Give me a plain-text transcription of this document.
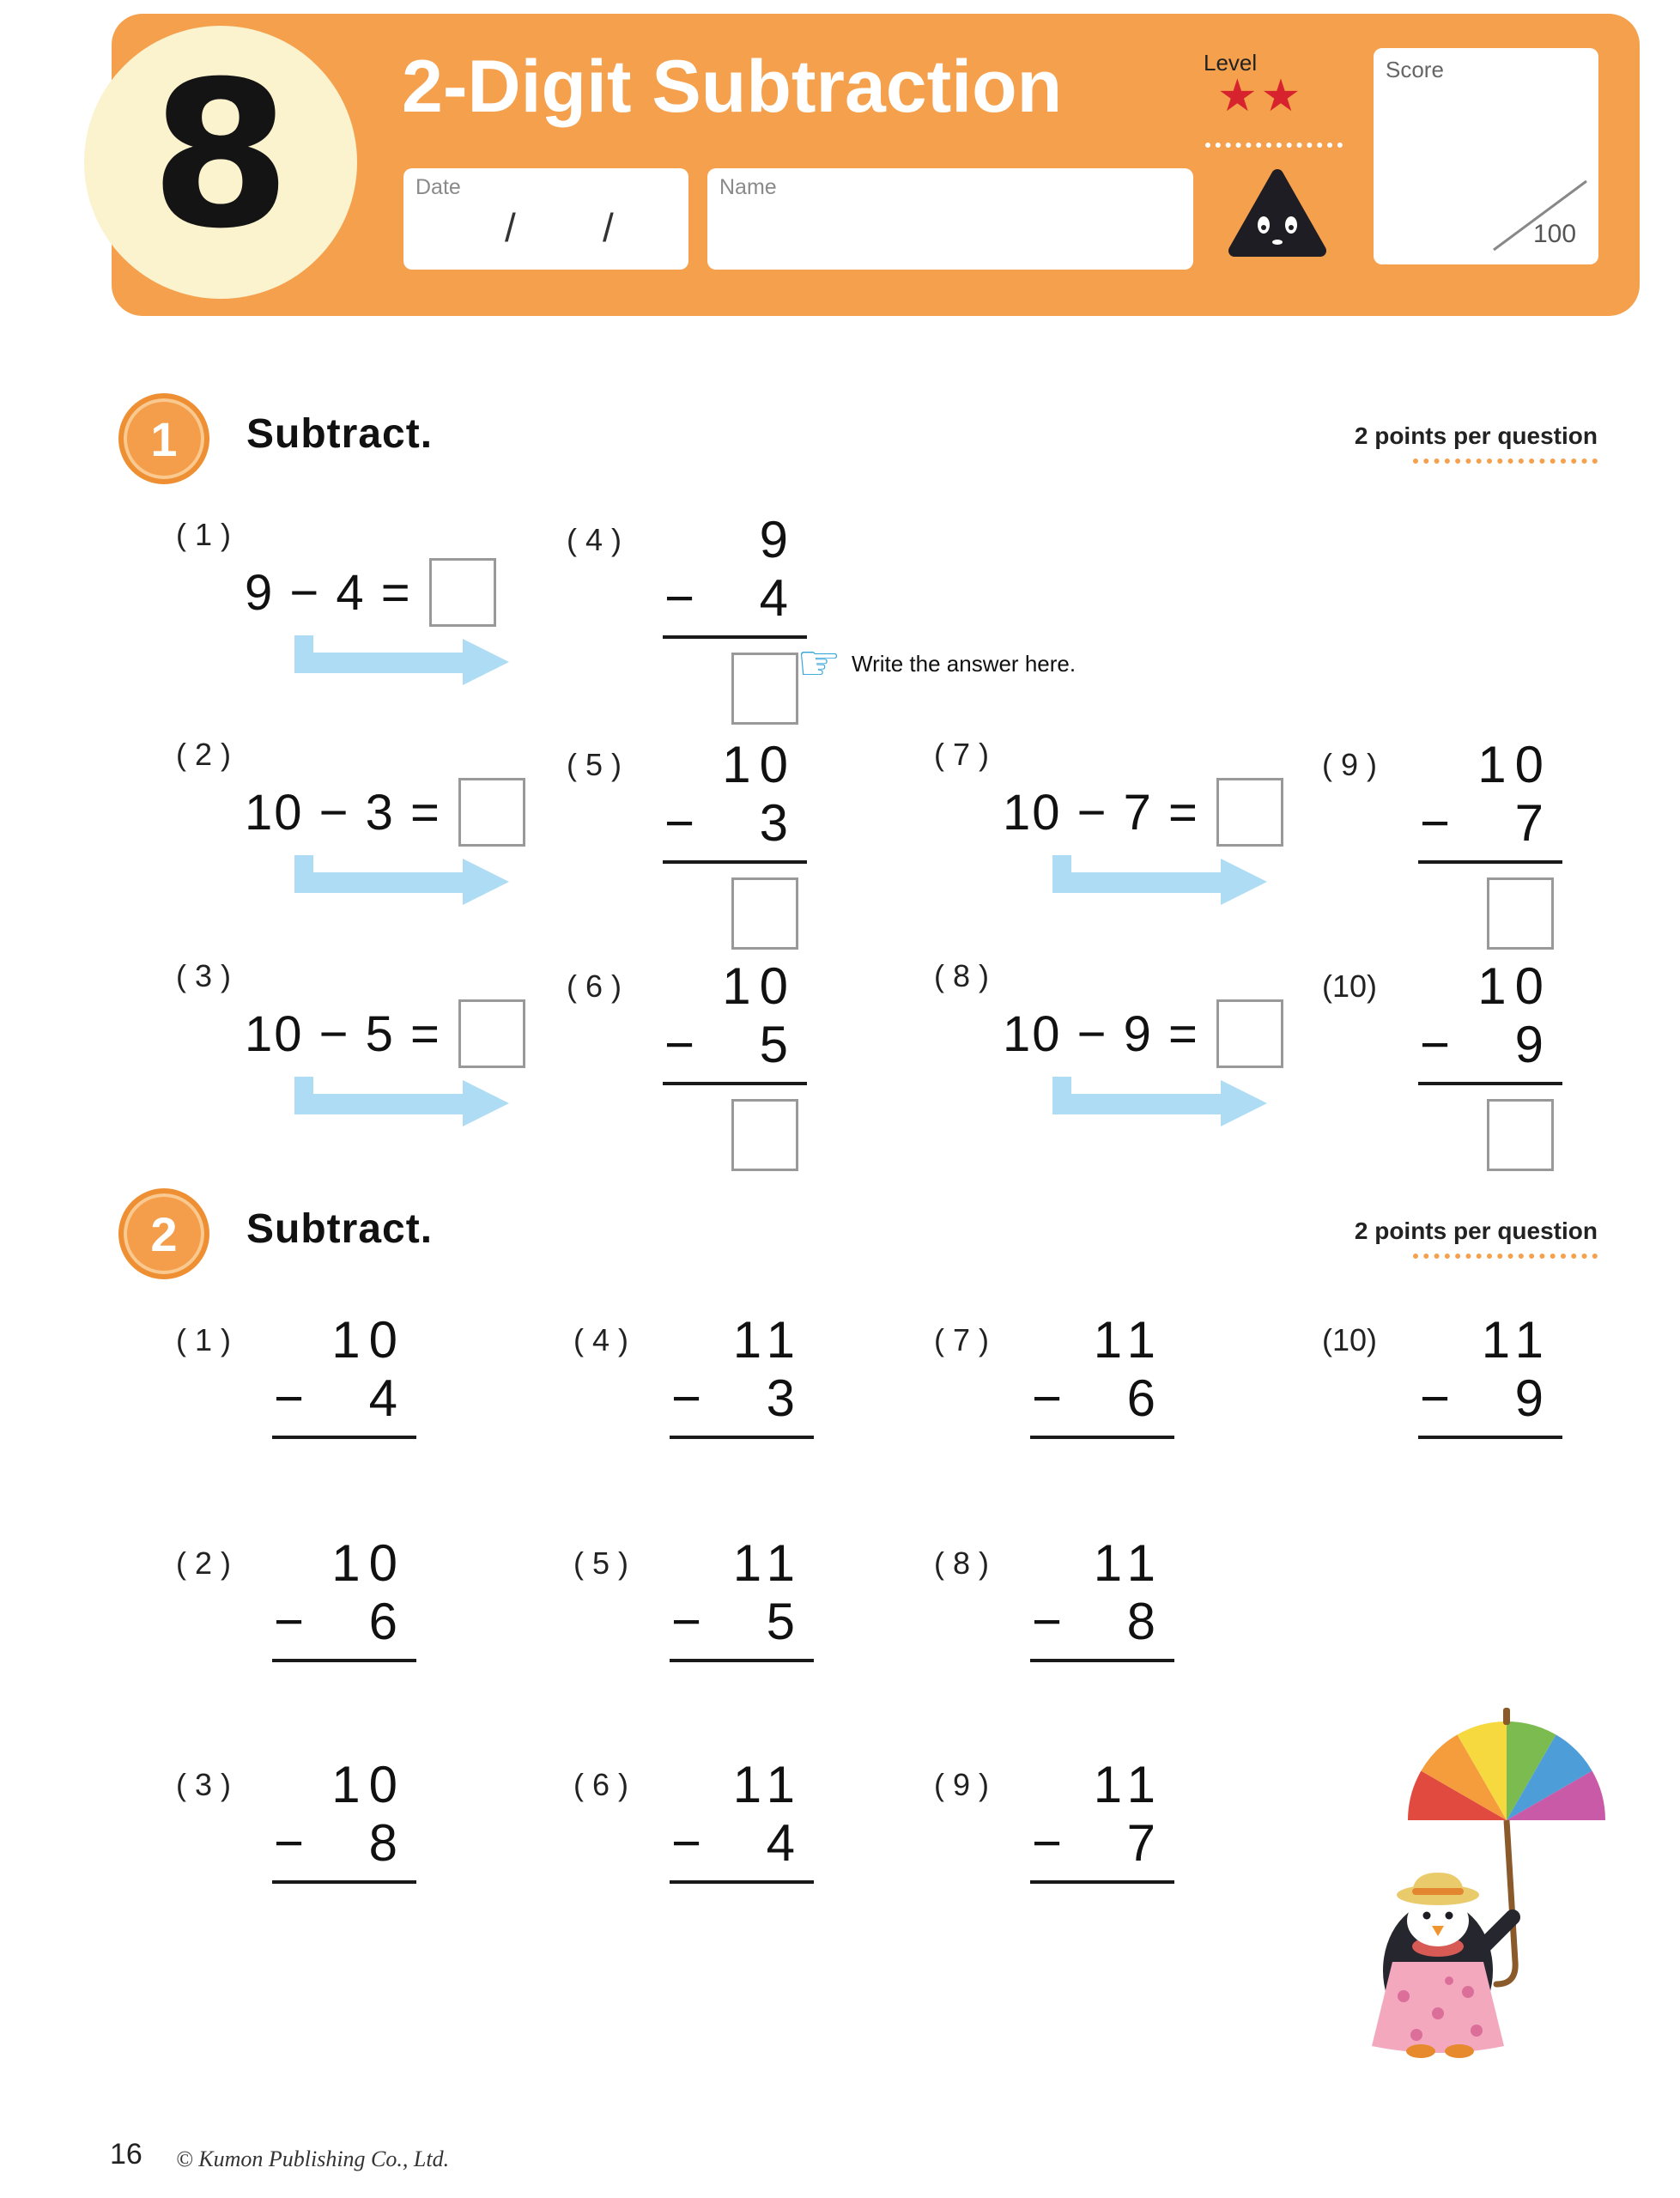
8 2-Digit Subtraction
Date
/ /
Name
Level
★★
Score
100
1 Subtract.	2 points per question
( 1 )
9 − 4 =
( 4 )	9
− 4
☞ Write the answer here.
( 2 )
10 − 3 =
( 5 )	10
− 3
( 7 )
10 − 7 =
( 9 )	10
− 7
( 3 )
10 − 5 =
( 6 )	10
− 5
( 8 )
10 − 9 =
(10)	10
− 9
2 Subtract.	2 points per question
( 1 )	10
− 4
( 4 )	11
− 3
( 7 )	11
− 6
(10)	11
− 9
( 2 )	10
− 6
( 5 )	11
− 5
( 8 )	11
− 8
( 3 )	10
− 8
( 6 )	11
− 4
( 9 )	11
− 7
16 © Kumon Publishing Co., Ltd.
